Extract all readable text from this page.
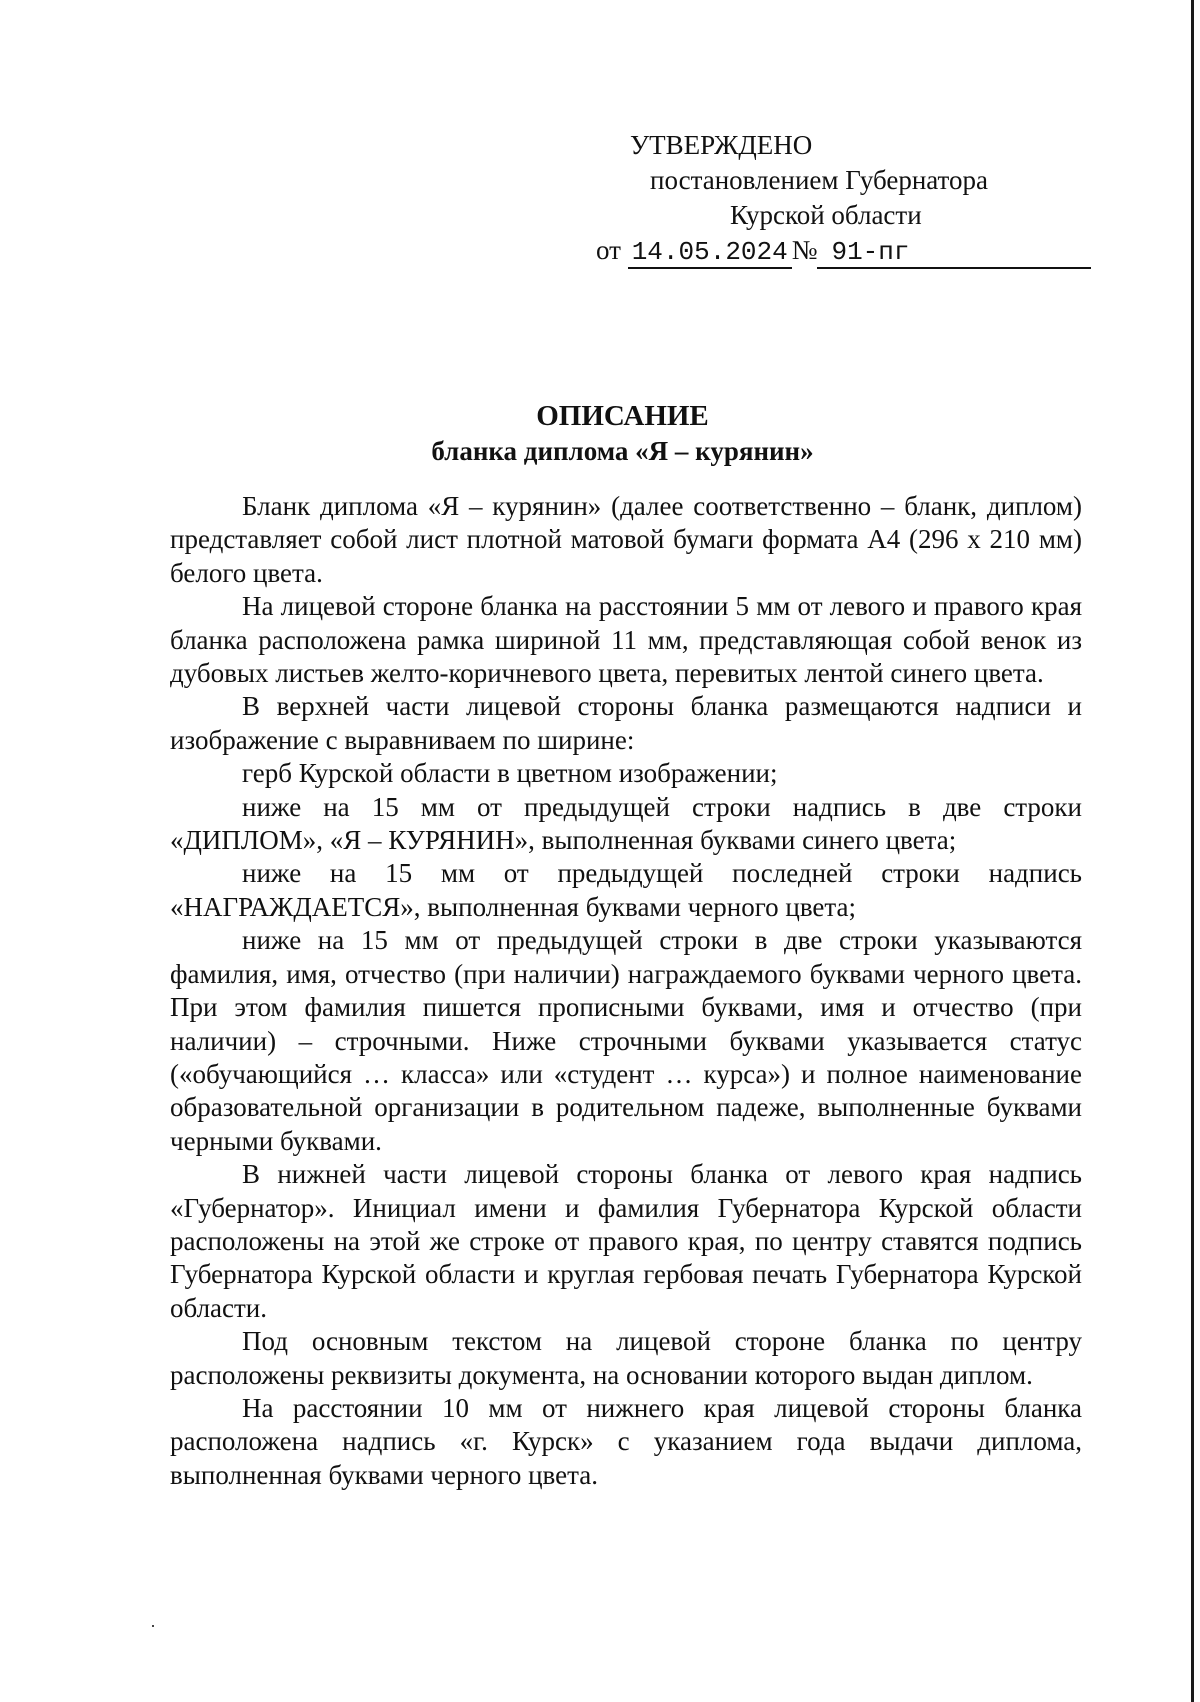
УТВЕРЖДЕНО
постановлением Губернатора
Курской области
от 14.05.2024 № 91-пг
ОПИСАНИЕ
бланка диплома «Я – курянин»

Бланк диплома «Я – курянин» (далее соответственно – бланк, диплом) представляет собой лист плотной матовой бумаги формата А4 (296 х 210 мм) белого цвета.

На лицевой стороне бланка на расстоянии 5 мм от левого и правого края бланка расположена рамка шириной 11 мм, представляющая собой венок из дубовых листьев желто-коричневого цвета, перевитых лентой синего цвета.

В верхней части лицевой стороны бланка размещаются надписи и изображение с выравниваем по ширине:

герб Курской области в цветном изображении;

ниже на 15 мм от предыдущей строки надпись в две строки «ДИПЛОМ», «Я – КУРЯНИН», выполненная буквами синего цвета;

ниже на 15 мм от предыдущей последней строки надпись «НАГРАЖДАЕТСЯ», выполненная буквами черного цвета;

ниже на 15 мм от предыдущей строки в две строки указываются фамилия, имя, отчество (при наличии) награждаемого буквами черного цвета. При этом фамилия пишется прописными буквами, имя и отчество (при наличии) – строчными. Ниже строчными буквами указывается статус («обучающийся … класса» или «студент … курса») и полное наименование образовательной организации в родительном падеже, выполненные буквами черными буквами.

В нижней части лицевой стороны бланка от левого края надпись «Губернатор». Инициал имени и фамилия Губернатора Курской области расположены на этой же строке от правого края, по центру ставятся подпись Губернатора Курской области и круглая гербовая печать Губернатора Курской области.

Под основным текстом на лицевой стороне бланка по центру расположены реквизиты документа, на основании которого выдан диплом.

На расстоянии 10 мм от нижнего края лицевой стороны бланка расположена надпись «г. Курск» с указанием года выдачи диплома, выполненная буквами черного цвета.
